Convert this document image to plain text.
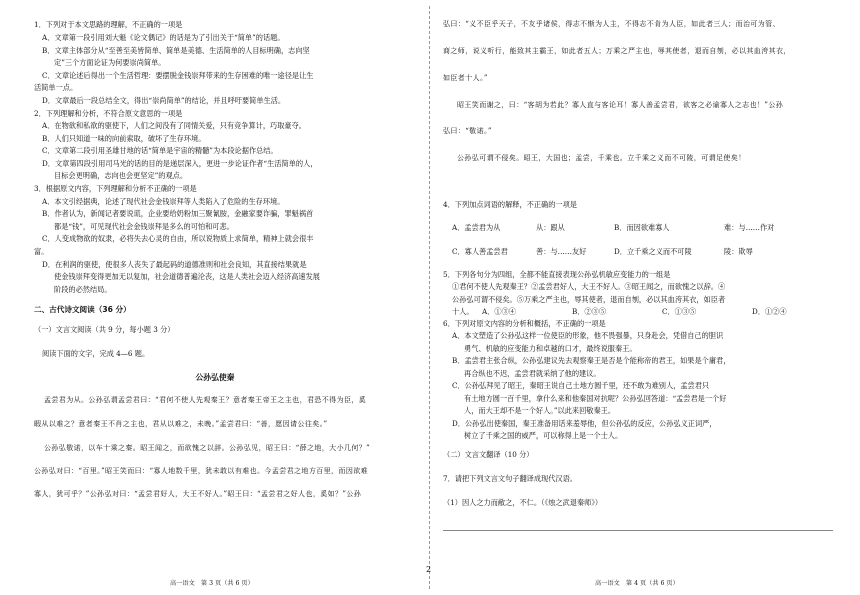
1．下列对于本文思路的理解，不正确的一项是
A．文章第一段引用刘大魁《论文偶记》的话是为了引出关于“简单”的话题。
B．文章主体部分从“至善至美皆简单、简单是美德、生活简单的人目标明确，志向坚
定”三个方面论证为何要崇尚简单。
C．文章论述后得出一个生活哲理：要摆脱金钱崇拜带来的生存困难的唯一途径是让生
活简单一点。
D．文章最后一段总结全文，得出“崇尚简单”的结论，并且呼吁要简单生活。
2．下列理解和分析，不符合原文意思的一项是
A．在物欲和私欲的驱使下，人们之间没有了同情关爱，只有竞争算计，巧取豪夺。
B．人们只知道一味的向前索取，破坏了生存环境。
C．文章第二段引用圣雄甘地的话“简单是宇宙的精髓”为本段论据作总结。
D．文章第四段引用司马光的话的目的是递层深入，更进一步论证作者“生活简单的人，
目标会更明确，志向也会更坚定”的观点。
3．根据原文内容，下列理解和分析不正确的一项是
A．本文引经据典，论述了现代社会金钱崇拜等人类陷入了危险的生存环境。
B．作者认为，新闻记者要说谎，企业要给奶粉加三聚氰胺，金融家要诈骗，罪魁祸首
都是“钱”，可见现代社会金钱崇拜是多么的可怕和可悲。
C．人变成物欲的奴隶，必将失去心灵的自由，所以说物质上求简单，精神上就会很丰
富。
D．在利润的驱使，使很多人丧失了最起码的道德准则和社会良知，其直接结果就是
使金钱崇拜变得更加无以复加，社会道德普遍沦丧，这是人类社会迈入经济高速发展
阶段的必然结局。
二、古代诗文阅读（36 分）
（一）文言文阅读（共 9 分，每小题 3 分）
阅读下面的文字，完成 4—6 题。
公孙弘使秦
孟尝君为从。公孙弘谓孟尝君曰：“君何不使人先观秦王？意者秦王帝王之主也，君恐不得为臣，奚
暇从以难之？意者秦王不肖之主也，君从以难之，未晚。”孟尝君曰：“善，愿因请公往矣。”
公孙弘敬诺，以车十乘之秦。昭王闻之，而欲愧之以辞。公孙弘见，昭王曰：“薛之地，大小几何？”
公孙弘对曰：“百里。”昭王笑而曰：“寡人地数千里，犹未敢以有难也。今孟尝君之地方百里，而因欲难
寡人，犹可乎？”公孙弘对曰：“孟尝君好人，大王不好人。”昭王曰：“孟尝君之好人也，奚如？”公孙
高一语文　第 3 页（共 6 页）
2
弘曰：“义不臣乎天子，不友乎诸侯，得志不惭为人主，不得志不肯为人臣，如此者三人；而治可为管、
商之师，说义听行，能致其主霸王，如此者五人；万乘之严主也，辱其使者，退而自刎，必以其血洿其衣，
如臣者十人。”
昭王笑而谢之，曰：“客胡为若此？寡人直与客论耳！寡人善孟尝君，欲客之必谕寡人之志也！”公孙
弘曰：“敬诺。”
公孙弘可谓不侵矣。昭王，大国也；孟尝，千乘也。立千乘之义而不可陵，可谓足使矣！
4．下列加点词语的解释，不正确的一项是
A．孟尝君为从	从：跟从	B．而因欲难寡人	难：与……作对
C．寡人善孟尝君	善：与……友好	D．立千乘之义而不可陵	陵：欺辱
5．下列各句分为四组，全都不能直接表现公孙弘机敏应变能力的一组是
①君何不使人先观秦王？②孟尝君好人，大王不好人。③昭王闻之，而欲愧之以辞。④
公孙弘可谓不侵矣。⑤万乘之严主也，辱其使者，退而自刎，必以其血洿其衣，如臣者
十人。
6．下列对原文内容的分析和概括，不正确的一项是
A．本文塑造了公孙弘这样一位使臣的形象，他不畏强暴，只身赴会，凭借自己的胆识
勇气、机敏的应变能力和卓越的口才，最终说服秦王。
B．孟尝君主张合纵，公孙弘建议先去观察秦王是否是个能称帝的君王，如果是个庸君，
再合纵也不迟，孟尝君就采纳了他的建议。
C．公孙弘拜见了昭王，秦昭王说自己土地方圆千里，还不敢为难别人，孟尝君只
有土地方圆一百千里，拿什么来和他秦国对抗呢？公孙弘回答道：“孟尝君是一个好
人，而大王却不是一个好人。”以此来回敬秦王。
D．公孙弘出使秦国，秦王准备用话来羞辱他，但公孙弘的反应，公孙弘义正词严，
树立了千乘之国的威严，可以称得上是一个士人。
（二）文言文翻译（10 分）
7．请把下列文言文句子翻译成现代汉语。
（1）因人之力而敝之，不仁。（《烛之武退秦师》）
高一语文　第 4 页（共 6 页）
A．①③④	B．②③⑤	C．①③⑤	D．①②④
